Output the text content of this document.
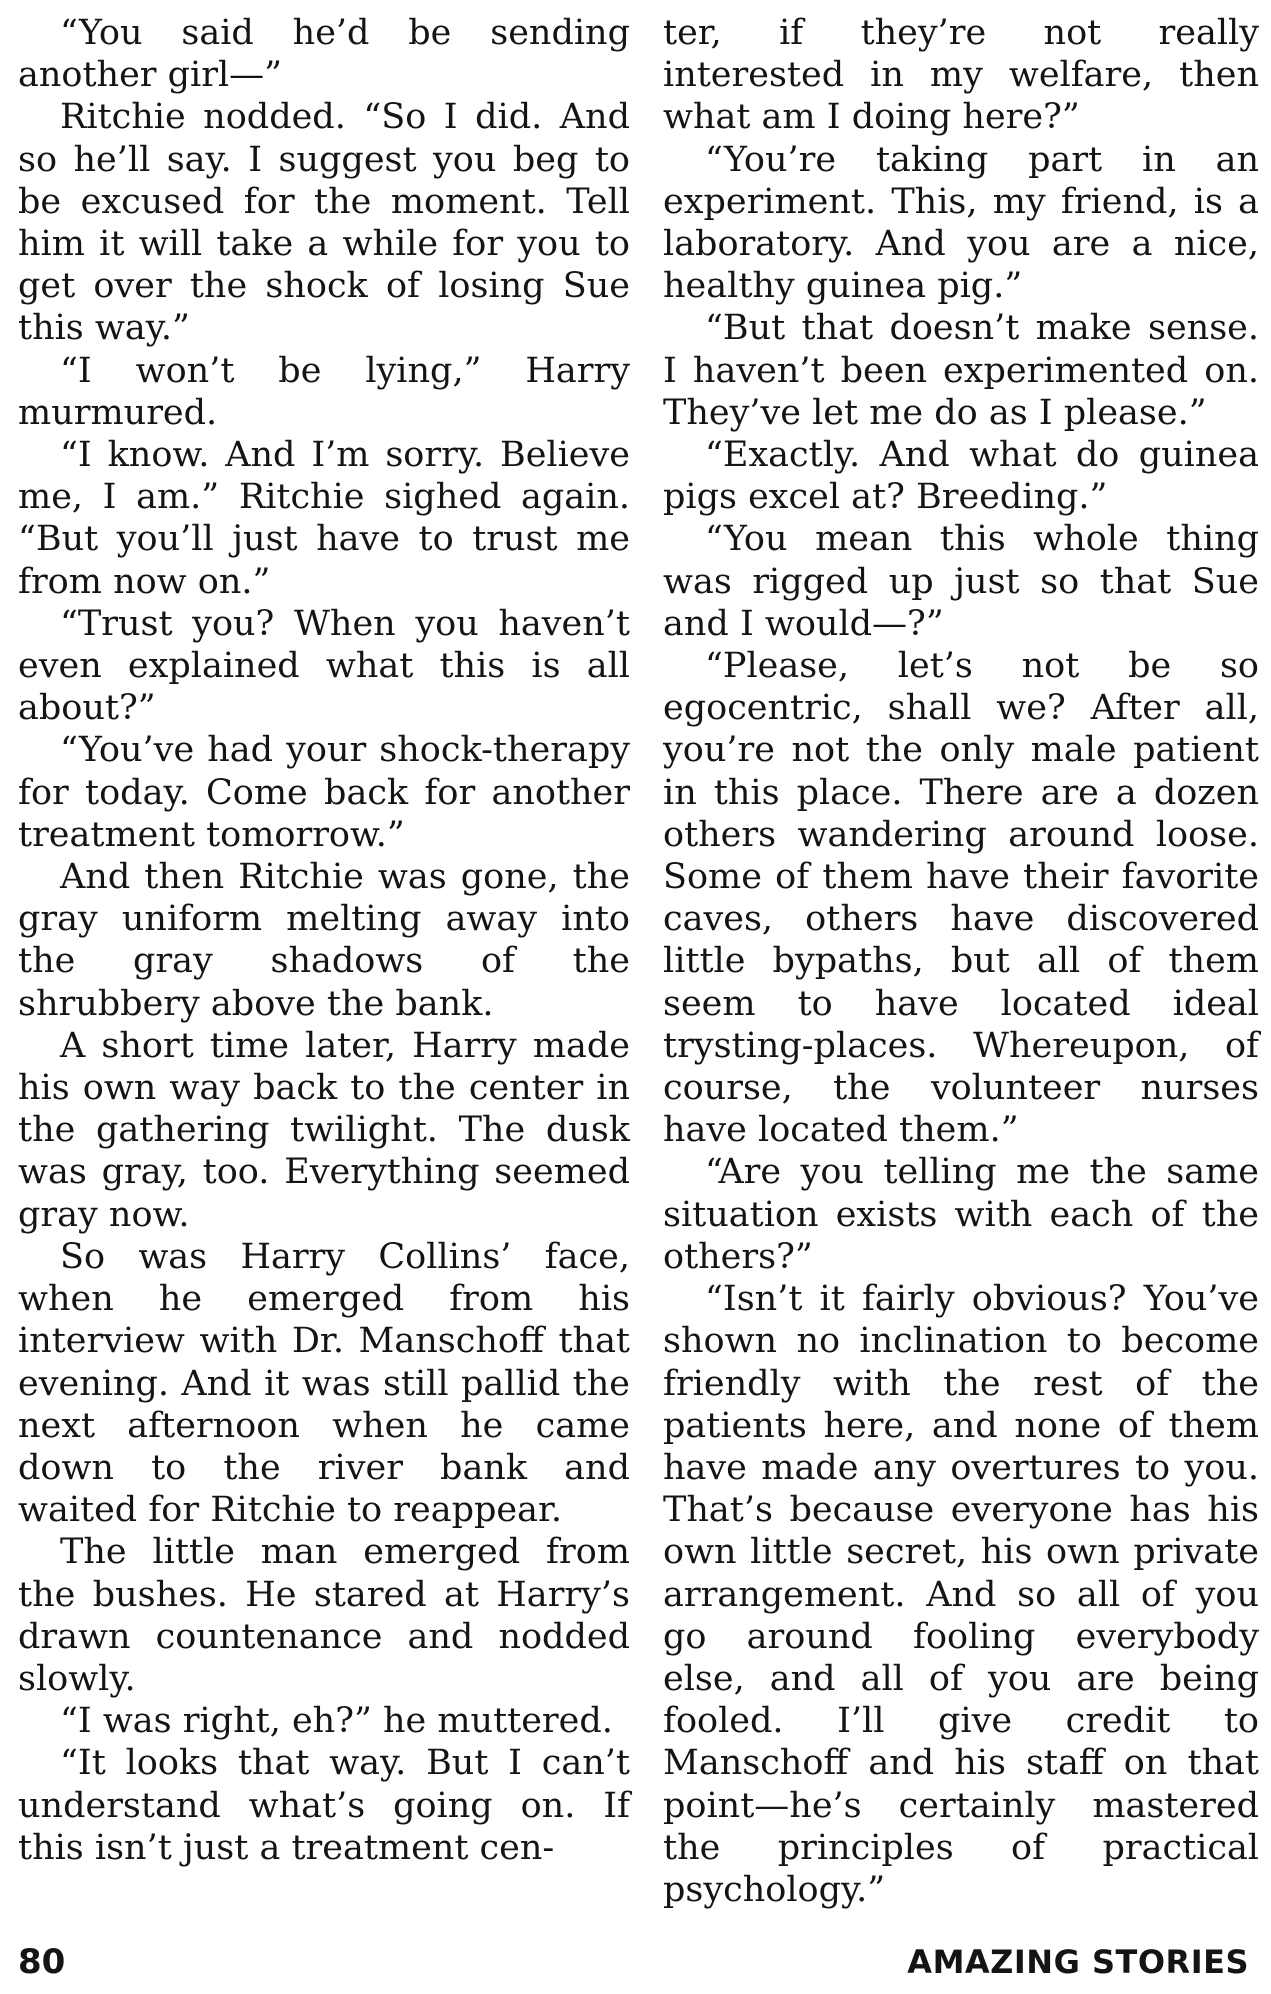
“You said he’d be sending another girl—”

Ritchie nodded. “So I did. And so he’ll say. I suggest you beg to be excused for the moment. Tell him it will take a while for you to get over the shock of losing Sue this way.”

“I won’t be lying,” Harry murmured.

“I know. And I’m sorry. Believe me, I am.” Ritchie sighed again. “But you’ll just have to trust me from now on.”

“Trust you? When you haven’t even explained what this is all about?”

“You’ve had your shock-therapy for today. Come back for another treatment tomorrow.”

And then Ritchie was gone, the gray uniform melting away into the gray shadows of the shrubbery above the bank.

A short time later, Harry made his own way back to the center in the gathering twilight. The dusk was gray, too. Everything seemed gray now.

So was Harry Collins’ face, when he emerged from his interview with Dr. Manschoff that evening. And it was still pallid the next afternoon when he came down to the river bank and waited for Ritchie to reappear.

The little man emerged from the bushes. He stared at Harry’s drawn countenance and nodded slowly.

“I was right, eh?” he muttered.

“It looks that way. But I can’t understand what’s going on. If this isn’t just a treatment cen-

ter, if they’re not really interested in my welfare, then what am I doing here?”

“You’re taking part in an experiment. This, my friend, is a laboratory. And you are a nice, healthy guinea pig.”

“But that doesn’t make sense. I haven’t been experimented on. They’ve let me do as I please.”

“Exactly. And what do guinea pigs excel at? Breeding.”

“You mean this whole thing was rigged up just so that Sue and I would—?”

“Please, let’s not be so egocentric, shall we? After all, you’re not the only male patient in this place. There are a dozen others wandering around loose. Some of them have their favorite caves, others have discovered little bypaths, but all of them seem to have located ideal trysting-places. Whereupon, of course, the volunteer nurses have located them.”

“Are you telling me the same situation exists with each of the others?”

“Isn’t it fairly obvious? You’ve shown no inclination to become friendly with the rest of the patients here, and none of them have made any overtures to you. That’s because everyone has his own little secret, his own private arrangement. And so all of you go around fooling everybody else, and all of you are being fooled. I’ll give credit to Manschoff and his staff on that point—he’s certainly mastered the principles of practical psychology.”

80	AMAZING STORIES
